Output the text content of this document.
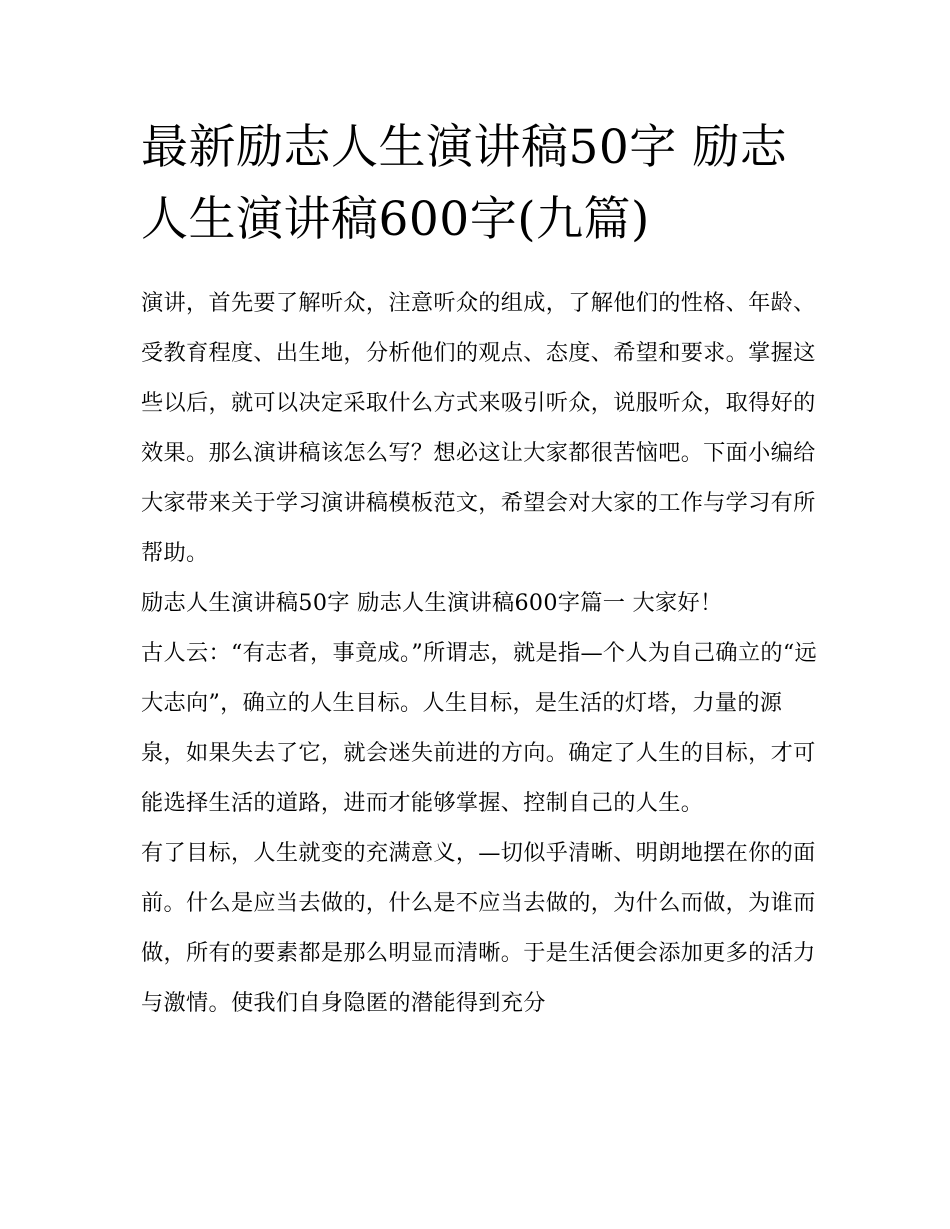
最新励志人生演讲稿50字 励志人生演讲稿600字(九篇)

演讲，首先要了解听众，注意听众的组成，了解他们的性格、年龄、受教育程度、出生地，分析他们的观点、态度、希望和要求。掌握这些以后，就可以决定采取什么方式来吸引听众，说服听众，取得好的效果。那么演讲稿该怎么写？想必这让大家都很苦恼吧。下面小编给大家带来关于学习演讲稿模板范文，希望会对大家的工作与学习有所帮助。

励志人生演讲稿50字 励志人生演讲稿600字篇一 大家好！

古人云：“有志者，事竟成。”所谓志，就是指—个人为自己确立的“远大志向”，确立的人生目标。人生目标，是生活的灯塔，力量的源泉，如果失去了它，就会迷失前进的方向。确定了人生的目标，才可能选择生活的道路，进而才能够掌握、控制自己的人生。

有了目标，人生就变的充满意义，—切似乎清晰、明朗地摆在你的面前。什么是应当去做的，什么是不应当去做的，为什么而做，为谁而做，所有的要素都是那么明显而清晰。于是生活便会添加更多的活力与激情。使我们自身隐匿的潜能得到充分
